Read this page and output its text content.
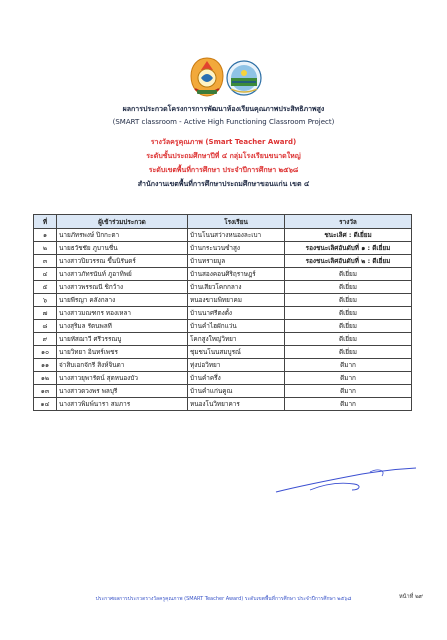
ผลการประกวดโครงการการพัฒนาห้องเรียนคุณภาพประสิทธิภาพสูง
(SMART classroom - Active High Functioning Classroom Project)
รางวัลครูคุณภาพ (Smart Teacher Award)
ระดับชั้นประถมศึกษาปีที่ ๔ กลุ่มโรงเรียนขนาดใหญ่
ระดับเขตพื้นที่การศึกษา ประจำปีการศึกษา ๒๕๖๘
สำนักงานเขตพื้นที่การศึกษาประถมศึกษาขอนแก่น เขต ๔
ที่	ผู้เข้าร่วมประกวด	โรงเรียน	รางวัล
๑	นายภัทรพงษ์ ปิกกะตา	บ้านโนนสว่างหนองละเบา	ชนะเลิศ : ดีเยี่ยม
๒	นายธวัชชัย ภูบานชื่น	บ้านกระนวนซำสูง	รองชนะเลิศอันดับที่ ๑ : ดีเยี่ยม
๓	นางสาวปิยวรรณ ขึ้นนิรันดร์	บ้านทรายมูล	รองชนะเลิศอันดับที่ ๒ : ดีเยี่ยม
๔	นางสาวภัทรนันท์ ภูอาทิพย์	บ้านสองคอนศิริฤราษฎร์	ดีเยี่ยม
๕	นางสาวพรรณนี ชิกว้าง	บ้านเสียวโคกกลาง	ดีเยี่ยม
๖	นายพีรญา คลังกลาง	หนองขามพิทยาคม	ดีเยี่ยม
๗	นางสาวมณฑกร ทองเหลา	บ้านนาศรีตงตั้ง	ดีเยี่ยม
๘	นางสุริมล รัตนพลที	บ้านคำไฮผักแว่น	ดีเยี่ยม
๙	นายหัสฌาวี ศรีวรรณบู	โคกสูงใหญ่วิทยา	ดีเยี่ยม
๑๐	นายวิทยา อินทร์เพชร	ชุมชนโนนสมบูรณ์	ดีเยี่ยม
๑๑	จ่าสิบเอกจักรี สิงห์จินดา	ทุ่งบ่อวิทยา	ดีมาก
๑๒	นางสาวยุพารัตน์ สุดหนองบัว	บ้านคำครึ่ง	ดีมาก
๑๓	นางสาวดวงพร พลบุรี	บ้านคำแก่นคูณ	ดีมาก
๑๔	นางสาวพิมพ์นารา สมภาร	หนองโนวิทยาคาร	ดีมาก
ประกาศผลการประกวดรางวัลครูคุณภาพ (SMART Teacher Award) ระดับเขตพื้นที่การศึกษา ประจำปีการศึกษา ๒๕๖๘	หน้าที่ ๒๙
